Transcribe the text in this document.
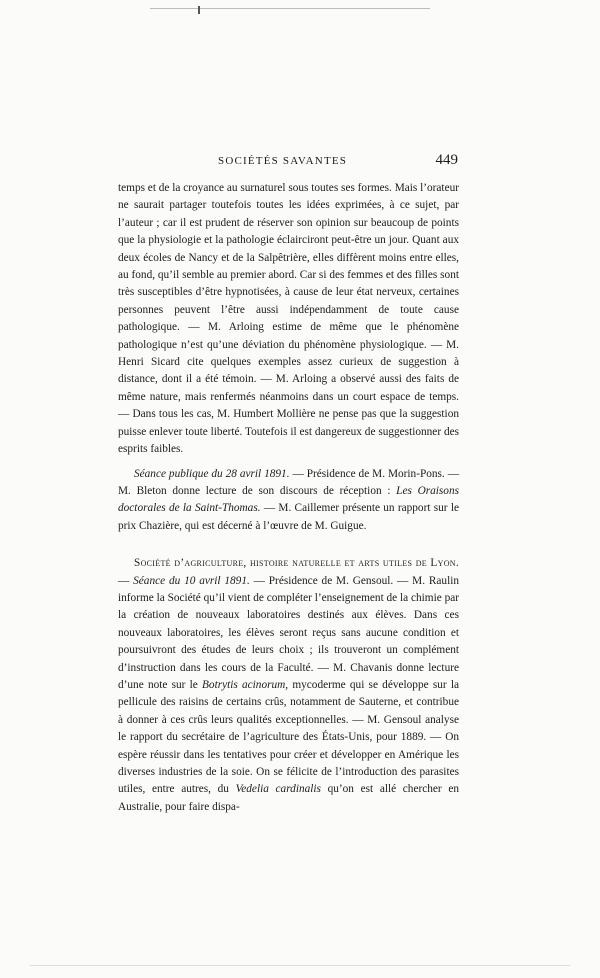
SOCIÉTÉS SAVANTES	449

temps et de la croyance au surnaturel sous toutes ses formes. Mais l’orateur ne saurait partager toutefois toutes les idées exprimées, à ce sujet, par l’auteur ; car il est prudent de réserver son opinion sur beaucoup de points que la physiologie et la pathologie éclairciront peut-être un jour. Quant aux deux écoles de Nancy et de la Salpêtrière, elles diffèrent moins entre elles, au fond, qu’il semble au premier abord. Car si des femmes et des filles sont très susceptibles d’être hypnotisées, à cause de leur état nerveux, certaines personnes peuvent l’être aussi indépendamment de toute cause pathologique. — M. Arloing estime de même que le phénomène pathologique n’est qu’une déviation du phénomène physiologique. — M. Henri Sicard cite quelques exemples assez curieux de suggestion à distance, dont il a été témoin. — M. Arloing a observé aussi des faits de même nature, mais renfermés néanmoins dans un court espace de temps. — Dans tous les cas, M. Humbert Mollière ne pense pas que la suggestion puisse enlever toute liberté. Toutefois il est dangereux de suggestionner des esprits faibles.

Séance publique du 28 avril 1891. — Présidence de M. Morin-Pons. — M. Bleton donne lecture de son discours de réception : Les Oraisons doctorales de la Saint-Thomas. — M. Caillemer présente un rapport sur le prix Chazière, qui est décerné à l’œuvre de M. Guigue.

Société d’agriculture, histoire naturelle et arts utiles de Lyon. — Séance du 10 avril 1891. — Présidence de M. Gensoul. — M. Raulin informe la Société qu’il vient de compléter l’enseignement de la chimie par la création de nouveaux laboratoires destinés aux élèves. Dans ces nouveaux laboratoires, les élèves seront reçus sans aucune condition et poursuivront des études de leurs choix ; ils trouveront un complément d’instruction dans les cours de la Faculté. — M. Chavanis donne lecture d’une note sur le Botrytis acinorum, mycoderme qui se développe sur la pellicule des raisins de certains crûs, notamment de Sauterne, et contribue à donner à ces crûs leurs qualités exceptionnelles. — M. Gensoul analyse le rapport du secrétaire de l’agriculture des États-Unis, pour 1889. — On espère réussir dans les tentatives pour créer et développer en Amérique les diverses industries de la soie. On se félicite de l’introduction des parasites utiles, entre autres, du Vedelia cardinalis qu’on est allé chercher en Australie, pour faire dispa-
